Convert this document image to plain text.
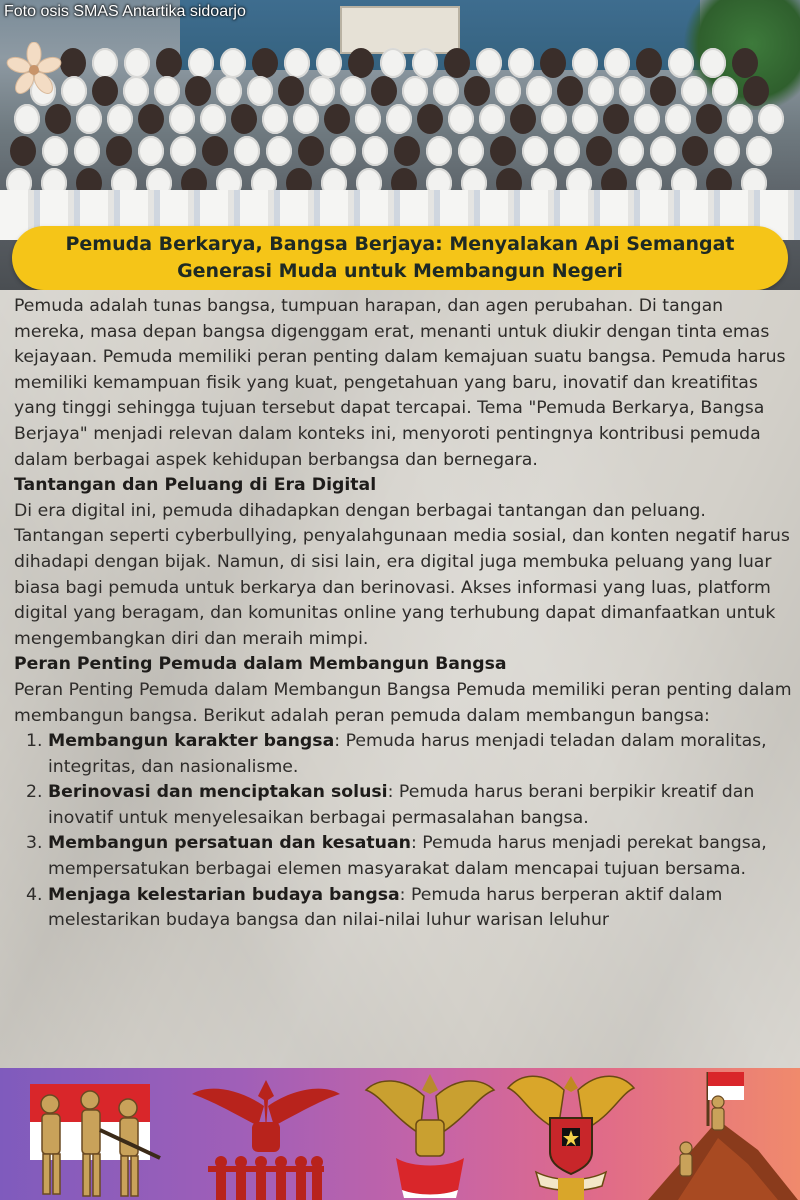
Foto osis SMAS Antartika sidoarjo
Pemuda Berkarya, Bangsa Berjaya: Menyalakan Api Semangat Generasi Muda untuk Membangun Negeri

Pemuda adalah tunas bangsa, tumpuan harapan, dan agen perubahan. Di tangan mereka, masa depan bangsa digenggam erat, menanti untuk diukir dengan tinta emas kejayaan. Pemuda memiliki peran penting dalam kemajuan suatu bangsa. Pemuda harus memiliki kemampuan fisik yang kuat, pengetahuan yang baru, inovatif dan kreatifitas yang tinggi sehingga tujuan tersebut dapat tercapai. Tema "Pemuda Berkarya, Bangsa Berjaya" menjadi relevan dalam konteks ini, menyoroti pentingnya kontribusi pemuda dalam berbagai aspek kehidupan berbangsa dan bernegara.

Tantangan dan Peluang di Era Digital

Di era digital ini, pemuda dihadapkan dengan berbagai tantangan dan peluang. Tantangan seperti cyberbullying, penyalahgunaan media sosial, dan konten negatif harus dihadapi dengan bijak. Namun, di sisi lain, era digital juga membuka peluang yang luar biasa bagi pemuda untuk berkarya dan berinovasi. Akses informasi yang luas, platform digital yang beragam, dan komunitas online yang terhubung dapat dimanfaatkan untuk mengembangkan diri dan meraih mimpi.

Peran Penting Pemuda dalam Membangun Bangsa

Peran Penting Pemuda dalam Membangun Bangsa Pemuda memiliki peran penting dalam membangun bangsa. Berikut adalah peran pemuda dalam membangun bangsa:

1. Membangun karakter bangsa: Pemuda harus menjadi teladan dalam moralitas, integritas, dan nasionalisme.
2. Berinovasi dan menciptakan solusi: Pemuda harus berani berpikir kreatif dan inovatif untuk menyelesaikan berbagai permasalahan bangsa.
3. Membangun persatuan dan kesatuan: Pemuda harus menjadi perekat bangsa, mempersatukan berbagai elemen masyarakat dalam mencapai tujuan bersama.
4. Menjaga kelestarian budaya bangsa: Pemuda harus berperan aktif dalam melestarikan budaya bangsa dan nilai-nilai luhur warisan leluhur
